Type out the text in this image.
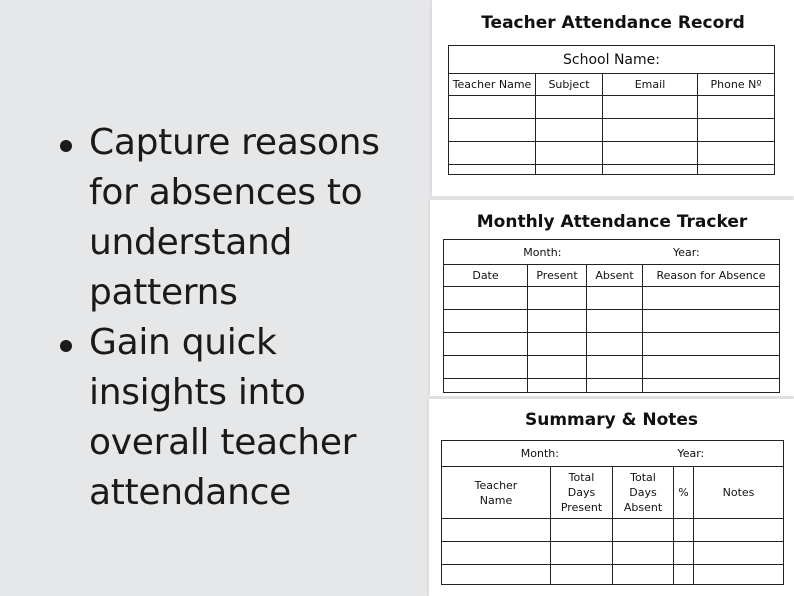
Capture reasons for absences to understand patterns
Gain quick insights into overall teacher attendance
Teacher Attendance Record
School Name:			
Teacher Name	Subject	Email	Phone Nº

Monthly Attendance Tracker
Month: Year:			
Date	Present	Absent	Reason for Absence

Summary & Notes
Month: Year:				
Teacher Name	Total Days Present	Total Days Absent	%	Notes
